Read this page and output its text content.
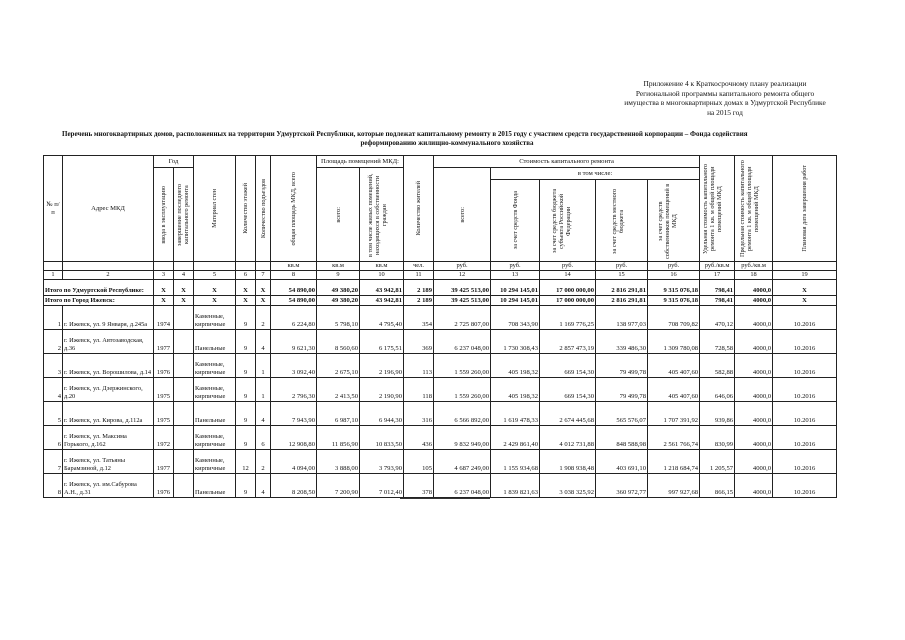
Приложение 4 к Краткосрочному плану реализации
Региональной программы капитального ремонта общего
имущества в многоквартирных домах в Удмуртской Республике
на 2015 год
Перечень многоквартирных домов, расположенных на территории Удмуртской Республики, которые подлежат капитальному ремонту в 2015 году с участием средств государственной корпорации – Фонда содействия
реформированию жилищно-коммунального хозяйства
№ п/п	Адрес МКД	Год		Материал стен	Количество этажей	Количество подъездов	общая площадь МКД, всего	Площадь помещений МКД:		Количество жителей	Стоимость капитального ремонта					Удельная стоимость капитального ремонта 1 кв. м общей площади помещений МКД	Предельная стоимость капитального ремонта 1 кв. м общей площади помещений МКД	Плановая дата завершения работ

		ввода в эксплуатацию	завершение последнего капитального ремонта					всего:	в том числе жилых помещений, находящихся в собственности граждан		всего:	в том числе:						

												за счет средств Фонда	за счет средств бюджета субъекта Российской Федерации	за счет средств местного бюджета	за счет средств собственников помещений в МКД			

							кв.м	кв.м	кв.м	чел.	руб.	руб.	руб.	руб.	руб.	руб./кв.м	руб./кв.м	
1	2	3	4	5	6	7	8	9	10	11	12	13	14	15	16	17	18	19
Итого по Удмуртской Республике:		Х	Х	Х	Х	Х	54 890,00	49 380,20	43 942,81	2 189	39 425 513,00	10 294 145,01	17 000 000,00	2 816 291,81	9 315 076,18	798,41	4000,0	Х
Итого по Город Ижевск:		Х	Х	Х	Х	Х	54 890,00	49 380,20	43 942,81	2 189	39 425 513,00	10 294 145,01	17 000 000,00	2 816 291,81	9 315 076,18	798,41	4000,0	Х
1	г. Ижевск, ул. 9 Января, д.245а	1974		Каменные, кирпичные	9	2	6 224,80	5 798,10	4 795,40	354	2 725 807,00	708 343,90	1 169 776,25	138 977,03	708 709,82	470,12	4000,0	10.2016
2	г. Ижевск, ул. Автозаводская, д.36	1977		Панельные	9	4	9 621,30	8 560,60	6 175,51	369	6 237 048,00	1 730 308,43	2 857 473,19	339 486,30	1 309 780,08	728,58	4000,0	10.2016
3	г. Ижевск, ул. Ворошилова, д.14	1976		Каменные, кирпичные	9	1	3 092,40	2 675,10	2 196,90	113	1 559 260,00	405 198,32	669 154,30	79 499,78	405 407,60	582,88	4000,0	10.2016
4	г. Ижевск, ул. Дзержинского, д.20	1975		Каменные, кирпичные	9	1	2 796,30	2 413,50	2 190,90	118	1 559 260,00	405 198,32	669 154,30	79 499,78	405 407,60	646,06	4000,0	10.2016
5	г. Ижевск, ул. Кирова, д.112а	1975		Панельные	9	4	7 943,90	6 987,10	6 944,30	316	6 566 892,00	1 619 478,33	2 674 445,68	565 576,07	1 707 391,92	939,86	4000,0	10.2016
6	г. Ижевск, ул. Максима Горького, д.162	1972		Каменные, кирпичные	9	6	12 908,80	11 856,90	10 833,50	436	9 832 949,00	2 429 861,40	4 012 731,88	848 588,98	2 561 766,74	830,99	4000,0	10.2016
7	г. Ижевск, ул. Татьяны Барамзиной, д.12	1977		Каменные, кирпичные	12	2	4 094,00	3 888,00	3 793,90	105	4 687 249,00	1 155 934,68	1 908 938,48	403 691,10	1 218 684,74	1 205,57	4000,0	10.2016
8	г. Ижевск, ул. им.Сабурова А.Н., д.31	1976		Панельные	9	4	8 208,50	7 200,90	7 012,40	378	6 237 048,00	1 839 821,63	3 038 325,92	360 972,77	997 927,68	866,15	4000,0	10.2016
